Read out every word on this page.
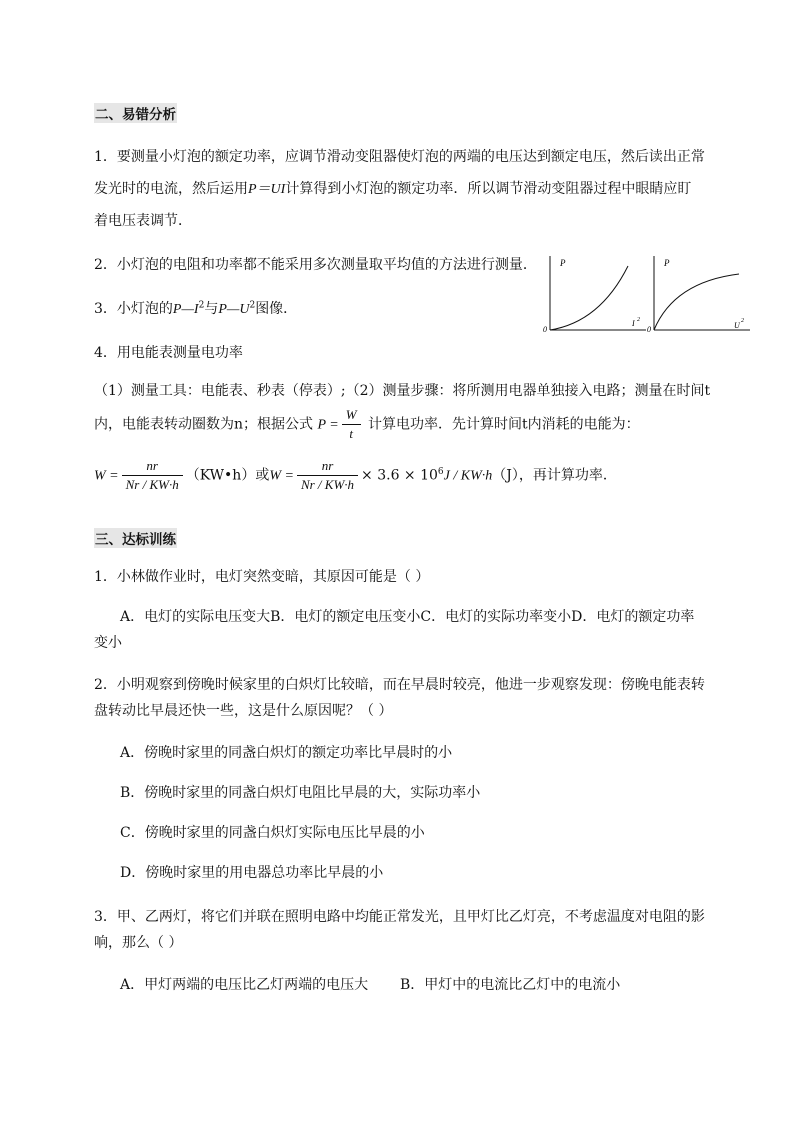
二、易错分析
1．要测量小灯泡的额定功率，应调节滑动变阻器使灯泡的两端的电压达到额定电压，然后读出正常
发光时的电流，然后运用P＝UI计算得到小灯泡的额定功率．所以调节滑动变阻器过程中眼睛应盯
着电压表调节．
2．小灯泡的电阻和功率都不能采用多次测量取平均值的方法进行测量．
3．小灯泡的$P—I^2$与$P—U^2$图像．
P
0
I 2
P
0	U 2
4．用电能表测量电功率
（1）测量工具：电能表、秒表（停表）;（2）测量步骤：将所测用电器单独接入电路；测量在时间t
内，电能表转动圈数为n；根据公式 $P = \frac{W}{t}$ 计算电功率．先计算时间t内消耗的电能为：
$W = \frac{nr}{Nr / KW\cdot h}$ （KW•h）或$W = \frac{nr}{Nr / KW\cdot h} \times 3.6 \times 10^6J / KW\cdot h(J)$，再计算功率．
三、达标训练
1．小林做作业时，电灯突然变暗，其原因可能是（ ）
A．电灯的实际电压变大B．电灯的额定电压变小C．电灯的实际功率变小D．电灯的额定功率
变小
2．小明观察到傍晚时候家里的白炽灯比较暗，而在早晨时较亮，他进一步观察发现：傍晚电能表转
盘转动比早晨还快一些，这是什么原因呢？（ ）
A．傍晚时家里的同盏白炽灯的额定功率比早晨时的小
B．傍晚时家里的同盏白炽灯电阻比早晨的大，实际功率小
C．傍晚时家里的同盏白炽灯实际电压比早晨的小
D．傍晚时家里的用电器总功率比早晨的小
3．甲、乙两灯，将它们并联在照明电路中均能正常发光，且甲灯比乙灯亮，不考虑温度对电阻的影
响，那么（ ）
A．甲灯两端的电压比乙灯两端的电压大 B．甲灯中的电流比乙灯中的电流小
